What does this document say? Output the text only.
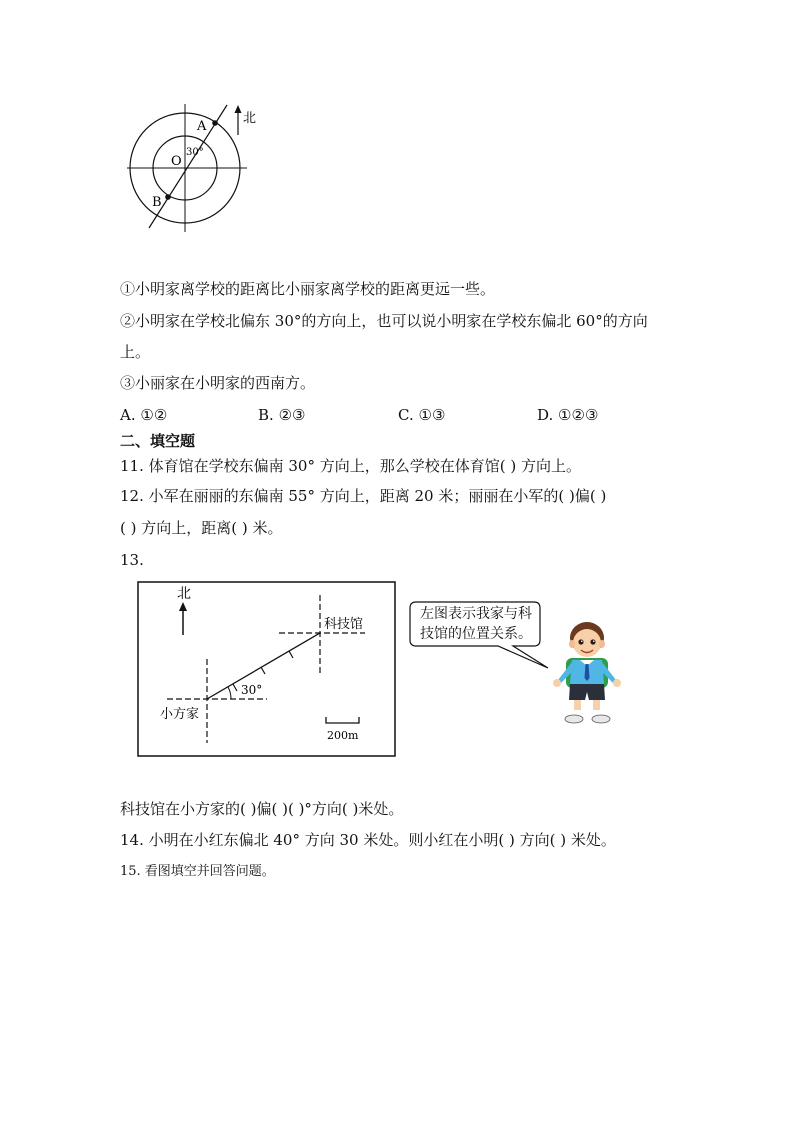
A
B
O
30°
北
①小明家离学校的距离比小丽家离学校的距离更远一些。
②小明家在学校北偏东 30°的方向上，也可以说小明家在学校东偏北 60°的方向
上。
③小丽家在小明家的西南方。
A. ①②	B. ②③	C. ①③	D. ①②③
二、填空题
11. 体育馆在学校东偏南 30° 方向上，那么学校在体育馆( ) 方向上。
12. 小军在丽丽的东偏南 55° 方向上，距离 20 米；丽丽在小军的( )偏( )
( ) 方向上，距离( ) 米。
13.
北
30°
科技馆
小方家
200m
左图表示我家与科
技馆的位置关系。
科技馆在小方家的( )偏( )( )°方向( )米处。
14. 小明在小红东偏北 40° 方向 30 米处。则小红在小明( ) 方向( ) 米处。
15. 看图填空并回答问题。
